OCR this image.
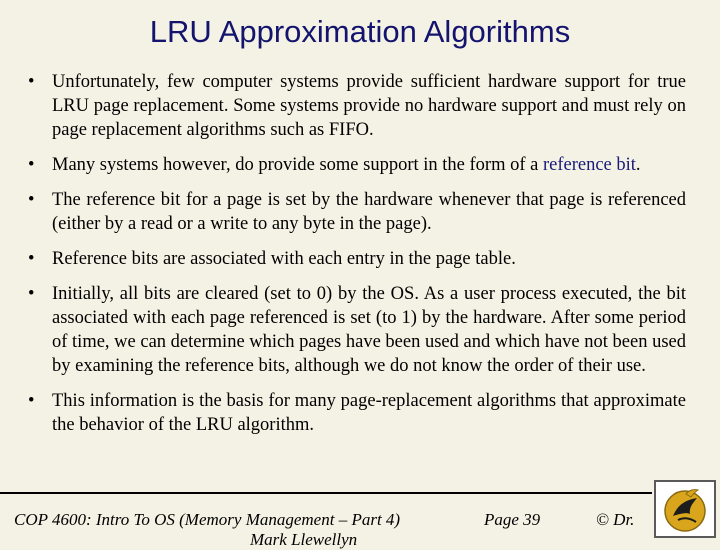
LRU Approximation Algorithms
• Unfortunately, few computer systems provide sufficient hardware support for true LRU page replacement. Some systems provide no hardware support and must rely on page replacement algorithms such as FIFO.
• Many systems however, do provide some support in the form of a reference bit.
• The reference bit for a page is set by the hardware whenever that page is referenced (either by a read or a write to any byte in the page).
• Reference bits are associated with each entry in the page table.
• Initially, all bits are cleared (set to 0) by the OS. As a user process executed, the bit associated with each page referenced is set (to 1) by the hardware. After some period of time, we can determine which pages have been used and which have not been used by examining the reference bits, although we do not know the order of their use.
• This information is the basis for many page-replacement algorithms that approximate the behavior of the LRU algorithm.
COP 4600: Intro To OS (Memory Management – Part 4)	Page 39	© Dr.
Mark Llewellyn
